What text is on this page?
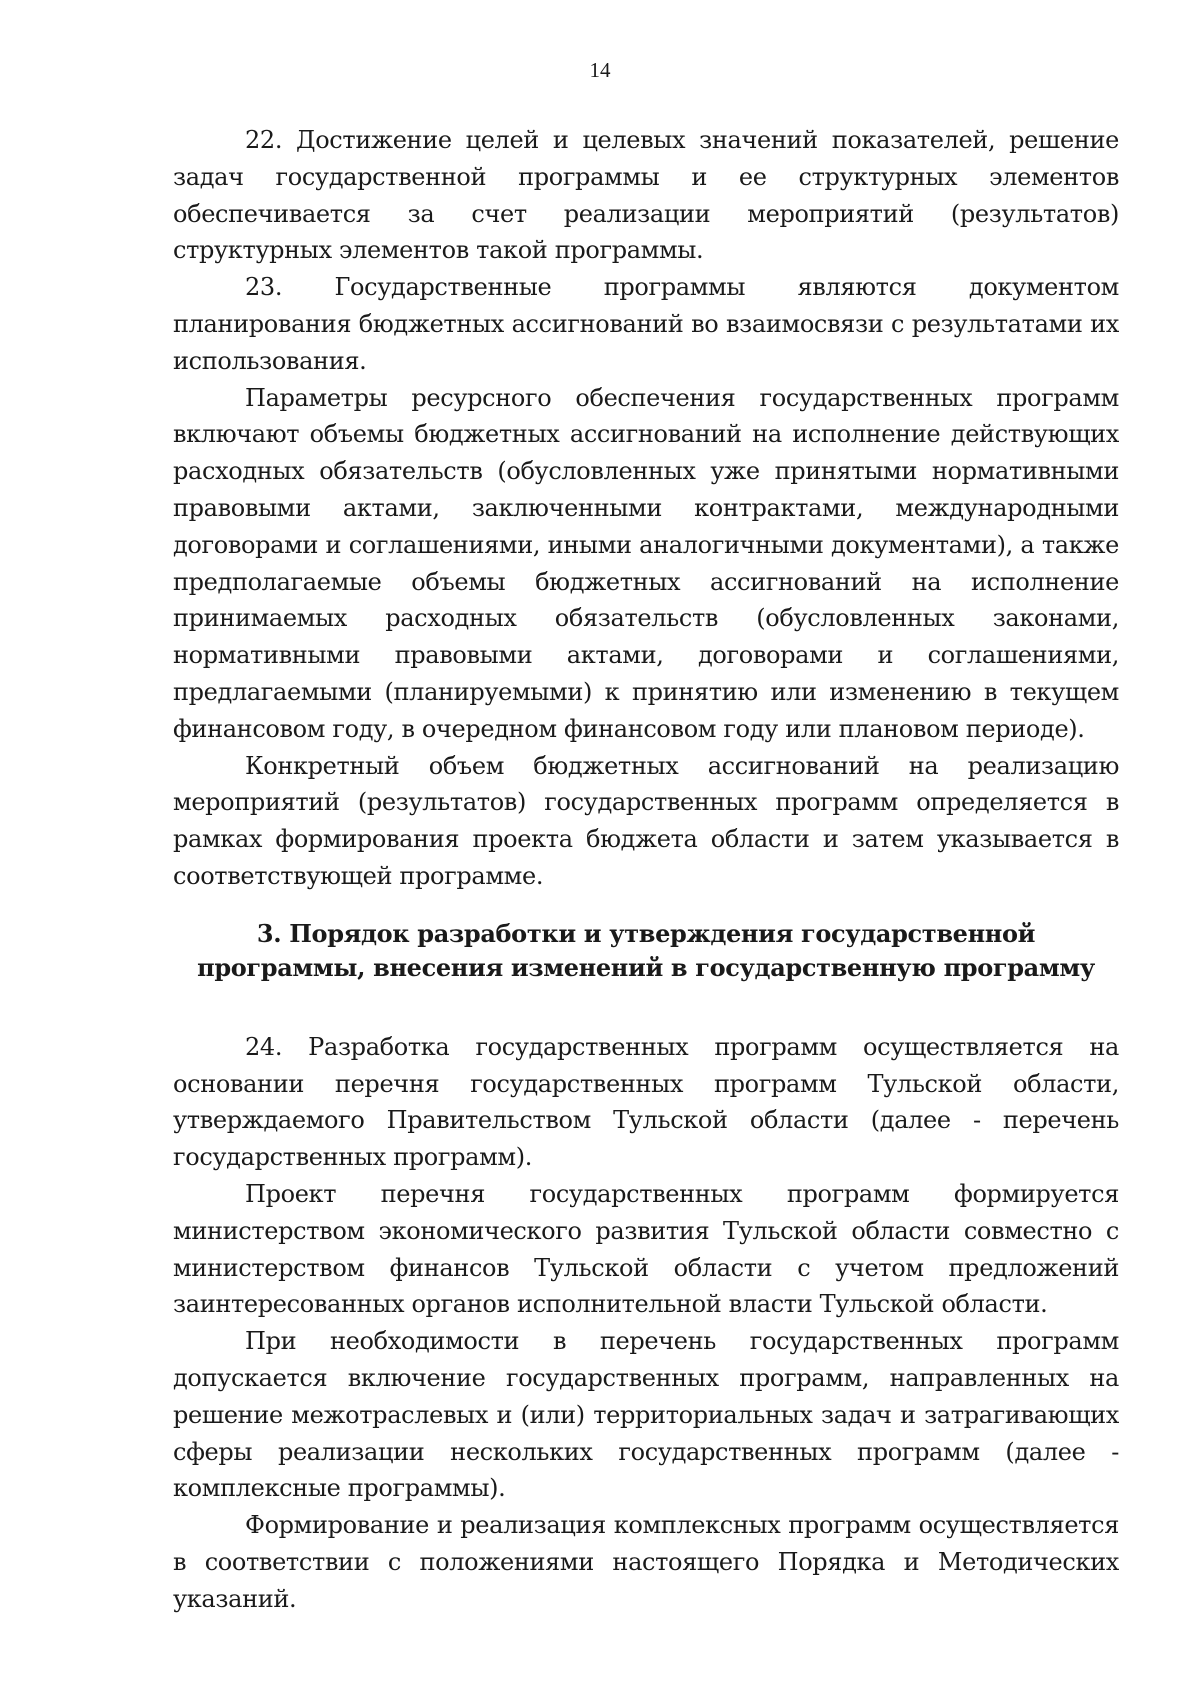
14

22. Достижение целей и целевых значений показателей, решение задач государственной программы и ее структурных элементов обеспечивается за счет реализации мероприятий (результатов) структурных элементов такой программы.

23. Государственные программы являются документом планирования бюджетных ассигнований во взаимосвязи с результатами их использования.

Параметры ресурсного обеспечения государственных программ включают объемы бюджетных ассигнований на исполнение действующих расходных обязательств (обусловленных уже принятыми нормативными правовыми актами, заключенными контрактами, международными договорами и соглашениями, иными аналогичными документами), а также предполагаемые объемы бюджетных ассигнований на исполнение принимаемых расходных обязательств (обусловленных законами, нормативными правовыми актами, договорами и соглашениями, предлагаемыми (планируемыми) к принятию или изменению в текущем финансовом году, в очередном финансовом году или плановом периоде).

Конкретный объем бюджетных ассигнований на реализацию мероприятий (результатов) государственных программ определяется в рамках формирования проекта бюджета области и затем указывается в соответствующей программе.

3. Порядок разработки и утверждения государственной
программы, внесения изменений в государственную программу

24. Разработка государственных программ осуществляется на основании перечня государственных программ Тульской области, утверждаемого Правительством Тульской области (далее - перечень государственных программ).

Проект перечня государственных программ формируется министерством экономического развития Тульской области совместно с министерством финансов Тульской области с учетом предложений заинтересованных органов исполнительной власти Тульской области.

При необходимости в перечень государственных программ допускается включение государственных программ, направленных на решение межотраслевых и (или) территориальных задач и затрагивающих сферы реализации нескольких государственных программ (далее - комплексные программы).

Формирование и реализация комплексных программ осуществляется в соответствии с положениями настоящего Порядка и Методических указаний.
